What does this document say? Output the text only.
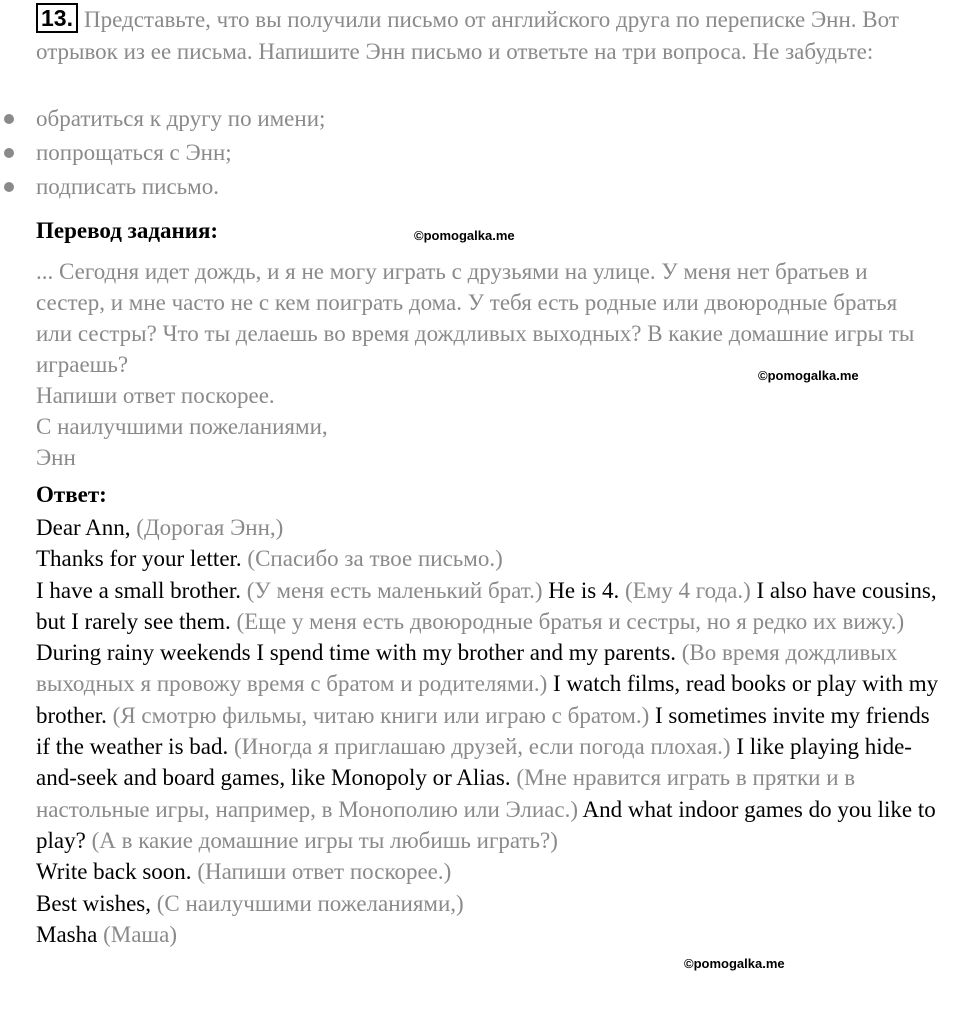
13. Представьте, что вы получили письмо от английского друга по переписке Энн. Вот отрывок из ее письма. Напишите Энн письмо и ответьте на три вопроса. Не забудьте:
обратиться к другу по имени;
попрощаться с Энн;
подписать письмо.
Перевод задания:	©pomogalka.me
... Сегодня идет дождь, и я не могу играть с друзьями на улице. У меня нет братьев и сестер, и мне часто не с кем поиграть дома. У тебя есть родные или двоюродные братья или сестры? Что ты делаешь во время дождливых выходных? В какие домашние игры ты играешь?
Напиши ответ поскорее.
С наилучшими пожеланиями,
Энн
©pomogalka.me
Ответ:

Dear Ann, (Дорогая Энн,)

Thanks for your letter. (Спасибо за твое письмо.)

I have a small brother. (У меня есть маленький брат.) He is 4. (Ему 4 года.) I also have cousins, but I rarely see them. (Еще у меня есть двоюродные братья и сестры, но я редко их вижу.) During rainy weekends I spend time with my brother and my parents. (Во время дождливых выходных я провожу время с братом и родителями.) I watch films, read books or play with my brother. (Я смотрю фильмы, читаю книги или играю с братом.) I sometimes invite my friends if the weather is bad. (Иногда я приглашаю друзей, если погода плохая.) I like playing hide-and-seek and board games, like Monopoly or Alias. (Мне нравится играть в прятки и в настольные игры, например, в Монополию или Элиас.) And what indoor games do you like to play? (А в какие домашние игры ты любишь играть?)

Write back soon. (Напиши ответ поскорее.)

Best wishes, (С наилучшими пожеланиями,)

Masha (Маша)

©pomogalka.me
